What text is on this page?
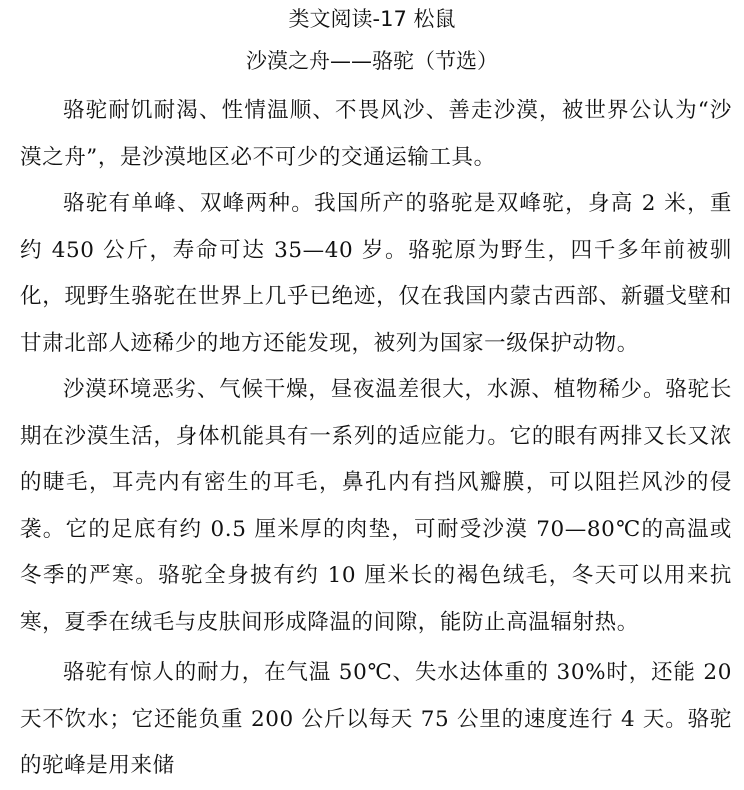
类文阅读-17 松鼠
沙漠之舟——骆驼（节选）

骆驼耐饥耐渴、性情温顺、不畏风沙、善走沙漠，被世界公认为“沙漠之舟”，是沙漠地区必不可少的交通运输工具。

骆驼有单峰、双峰两种。我国所产的骆驼是双峰驼，身高 2 米，重约 450 公斤，寿命可达 35—40 岁。骆驼原为野生，四千多年前被驯化，现野生骆驼在世界上几乎已绝迹，仅在我国内蒙古西部、新疆戈壁和甘肃北部人迹稀少的地方还能发现，被列为国家一级保护动物。

沙漠环境恶劣、气候干燥，昼夜温差很大，水源、植物稀少。骆驼长期在沙漠生活，身体机能具有一系列的适应能力。它的眼有两排又长又浓的睫毛，耳壳内有密生的耳毛，鼻孔内有挡风瓣膜，可以阻拦风沙的侵袭。它的足底有约 0.5 厘米厚的肉垫，可耐受沙漠 70—80℃的高温或冬季的严寒。骆驼全身披有约 10 厘米长的褐色绒毛，冬天可以用来抗寒，夏季在绒毛与皮肤间形成降温的间隙，能防止高温辐射热。

骆驼有惊人的耐力，在气温 50℃、失水达体重的 30%时，还能 20 天不饮水；它还能负重 200 公斤以每天 75 公里的速度连行 4 天。骆驼的驼峰是用来储
